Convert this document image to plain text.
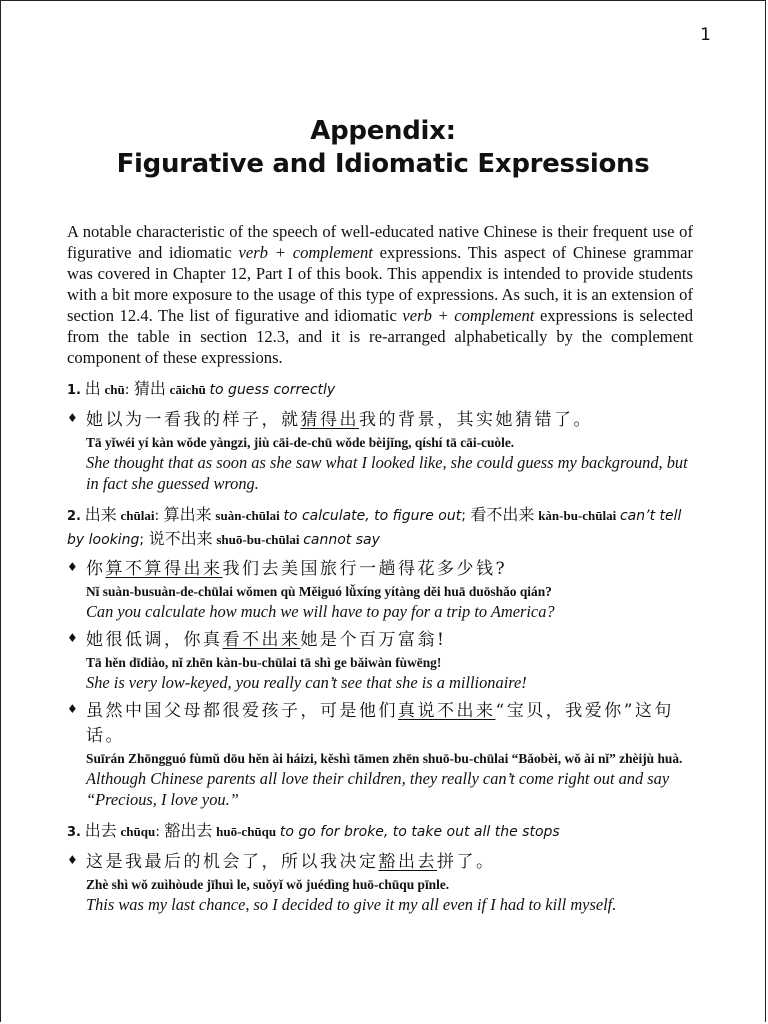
1
Appendix:
Figurative and Idiomatic Expressions

A notable characteristic of the speech of well-educated native Chinese is their frequent use of figurative and idiomatic verb + complement expressions. This aspect of Chinese grammar was covered in Chapter 12, Part I of this book. This appendix is intended to provide students with a bit more exposure to the usage of this type of expressions. As such, it is an extension of section 12.4. The list of figurative and idiomatic verb + complement expressions is selected from the table in section 12.3, and it is re-arranged alphabetically by the complement component of these expressions.

1. 出 chū: 猜出 cāichū to guess correctly
♦ 她以为一看我的样子，就猜得出我的背景，其实她猜错了。
Tā yǐwéi yí kàn wǒde yàngzi, jiù cāi-de-chū wǒde bèijǐng, qíshí tā cāi-cuòle.
She thought that as soon as she saw what I looked like, she could guess my background, but in fact she guessed wrong.
2. 出来 chūlai: 算出来 suàn-chūlai to calculate, to figure out; 看不出来 kàn-bu-chūlai can’t tell by looking; 说不出来 shuō-bu-chūlai cannot say
♦ 你算不算得出来我们去美国旅行一趟得花多少钱?
Nǐ suàn-busuàn-de-chūlai wǒmen qù Měiguó lǚxíng yítàng děi huā duōshǎo qián?
Can you calculate how much we will have to pay for a trip to America?
♦ 她很低调，你真看不出来她是个百万富翁!
Tā hěn dīdiào, nǐ zhēn kàn-bu-chūlai tā shì ge bǎiwàn fùwēng!
She is very low-keyed, you really can’t see that she is a millionaire!
♦ 虽然中国父母都很爱孩子，可是他们真说不出来“宝贝，我爱你”这句话。
Suīrán Zhōngguó fùmǔ dōu hěn ài háizi, kěshì tāmen zhēn shuō-bu-chūlai “Bǎobèi, wǒ ài nǐ” zhèijù huà.
Although Chinese parents all love their children, they really can’t come right out and say “Precious, I love you.”
3. 出去 chūqu: 豁出去 huō-chūqu to go for broke, to take out all the stops
♦ 这是我最后的机会了，所以我决定豁出去拼了。
Zhè shì wǒ zuìhòude jīhuì le, suǒyǐ wǒ juédìng huō-chūqu pīnle.
This was my last chance, so I decided to give it my all even if I had to kill myself.
